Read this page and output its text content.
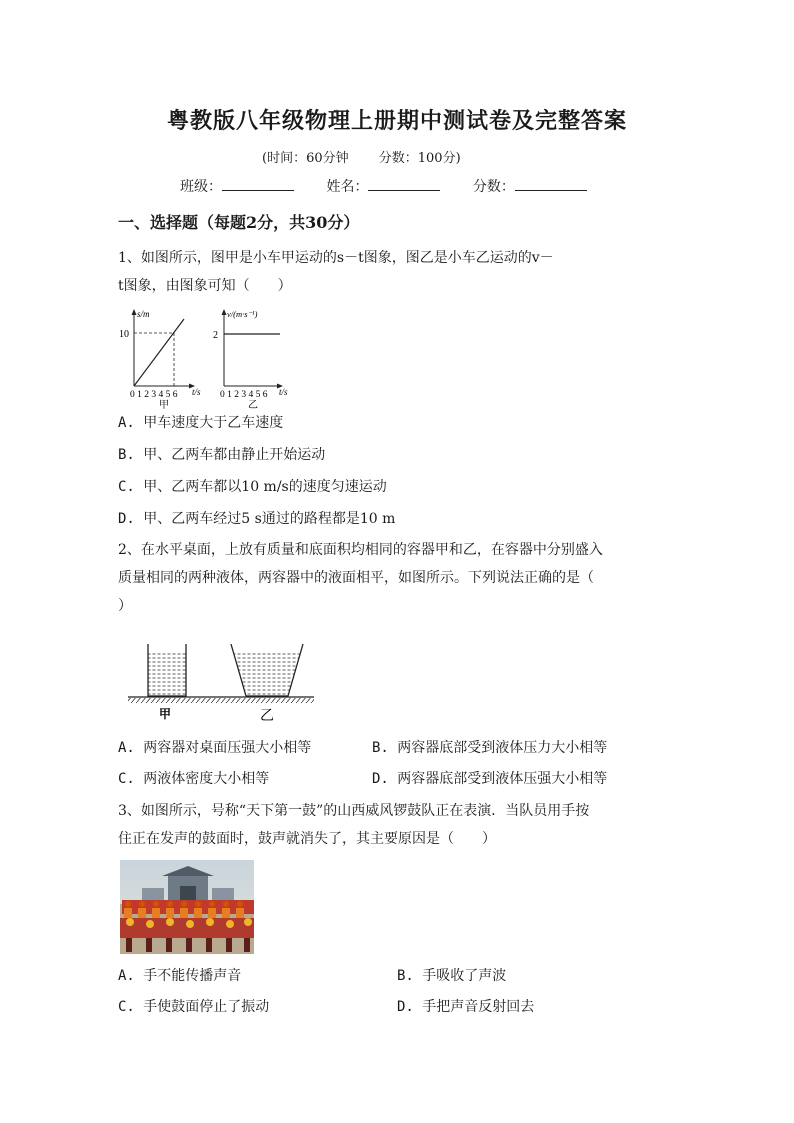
粤教版八年级物理上册期中测试卷及完整答案
(时间：60分钟 分数：100分)
班级：	姓名：	分数：
一、选择题（每题2分，共30分）
1、如图所示，图甲是小车甲运动的s－t图象，图乙是小车乙运动的v－
t图象，由图象可知（　　）
s/m
10
0 1 2 3 4 5 6 t/s
甲
v/(m·s⁻¹)
2
0 1 2 3 4 5 6 t/s
乙
A. 甲车速度大于乙车速度
B. 甲、乙两车都由静止开始运动
C. 甲、乙两车都以10 m/s的速度匀速运动
D. 甲、乙两车经过5 s通过的路程都是10 m
2、在水平桌面，上放有质量和底面积均相同的容器甲和乙，在容器中分别盛入
质量相同的两种液体，两容器中的液面相平，如图所示。下列说法正确的是（
）
甲	乙
A. 两容器对桌面压强大小相等	B. 两容器底部受到液体压力大小相等
C. 两液体密度大小相等	D. 两容器底部受到液体压强大小相等
3、如图所示，号称“天下第一鼓”的山西威风锣鼓队正在表演．当队员用手按
住正在发声的鼓面时，鼓声就消失了，其主要原因是（　　）
A. 手不能传播声音	B. 手吸收了声波
C. 手使鼓面停止了振动	D. 手把声音反射回去
